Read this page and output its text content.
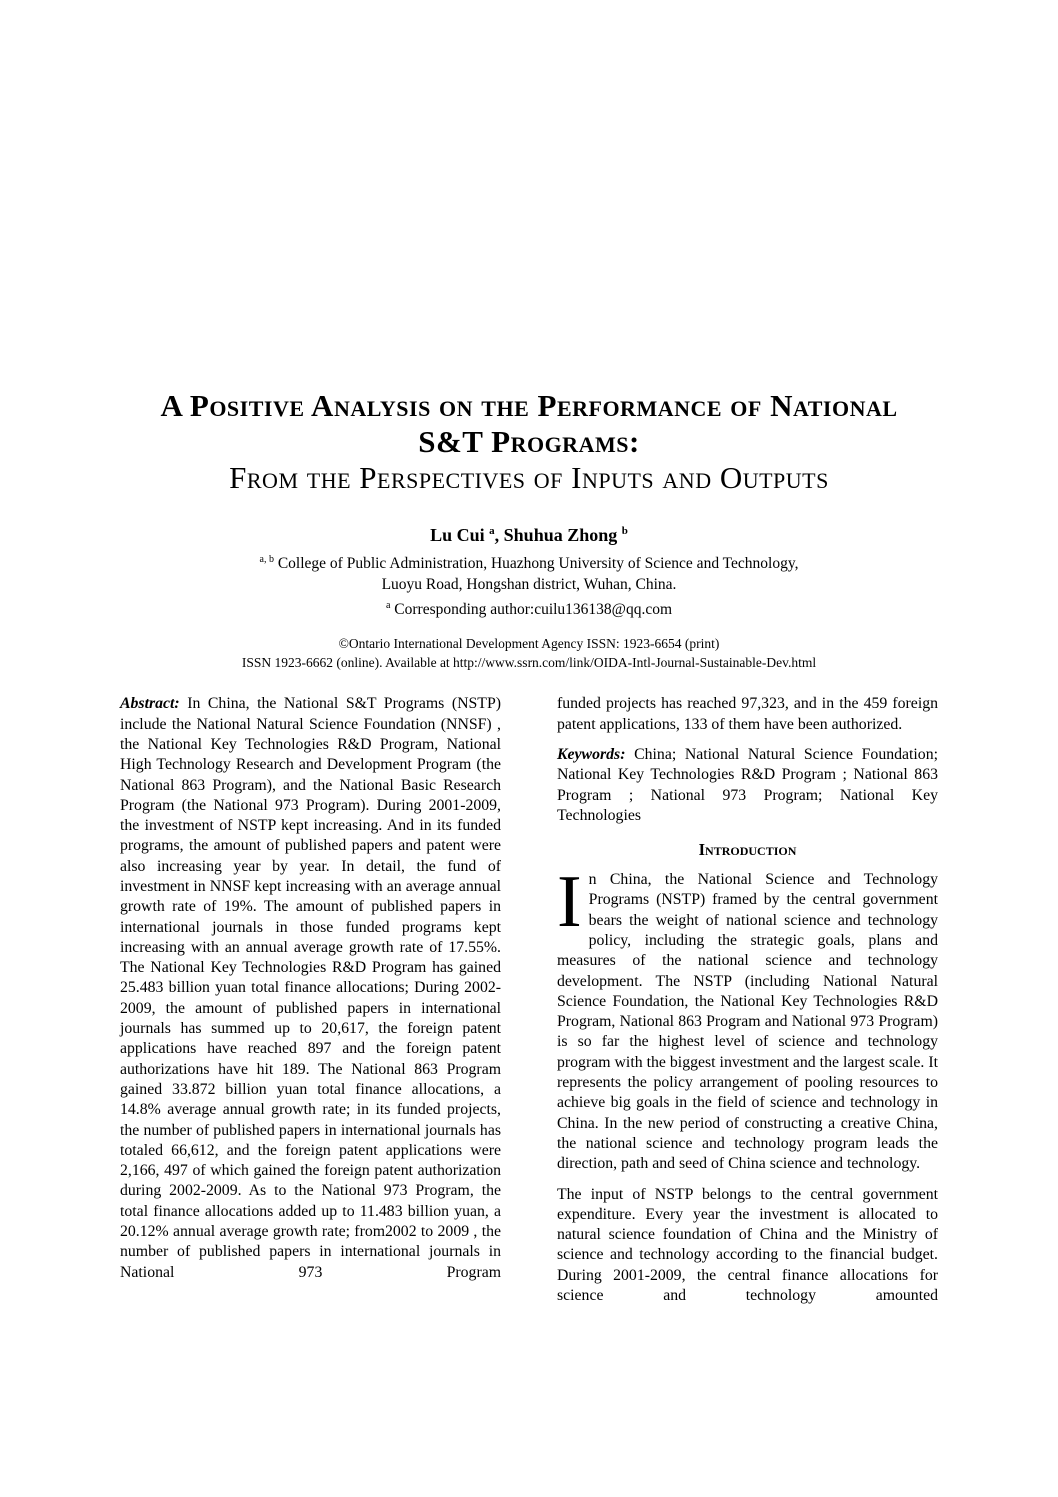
A Positive Analysis on the Performance of National
S&T Programs:
From the Perspectives of Inputs and Outputs
Lu Cui $^a$, Shuhua Zhong $^b$
$^{a, b}$ College of Public Administration, Huazhong University of Science and Technology,
Luoyu Road, Hongshan district, Wuhan, China.
$^a$ Corresponding author:cuilu136138@qq.com
©Ontario International Development Agency ISSN: 1923-6654 (print)
ISSN 1923-6662 (online). Available at http://www.ssrn.com/link/OIDA-Intl-Journal-Sustainable-Dev.html

Abstract: In China, the National S&T Programs (NSTP) include the National Natural Science Foundation (NNSF) , the National Key Technologies R&D Program, National High Technology Research and Development Program (the National 863 Program), and the National Basic Research Program (the National 973 Program). During 2001-2009, the investment of NSTP kept increasing. And in its funded programs, the amount of published papers and patent were also increasing year by year. In detail, the fund of investment in NNSF kept increasing with an average annual growth rate of 19%. The amount of published papers in international journals in those funded programs kept increasing with an annual average growth rate of 17.55%. The National Key Technologies R&D Program has gained 25.483 billion yuan total finance allocations; During 2002-2009, the amount of published papers in international journals has summed up to 20,617, the foreign patent applications have reached 897 and the foreign patent authorizations have hit 189. The National 863 Program gained 33.872 billion yuan total finance allocations, a 14.8% average annual growth rate; in its funded projects, the number of published papers in international journals has totaled 66,612, and the foreign patent applications were 2,166, 497 of which gained the foreign patent authorization during 2002-2009. As to the National 973 Program, the total finance allocations added up to 11.483 billion yuan, a 20.12% annual average growth rate; from2002 to 2009 , the number of published papers in international journals in National 973 Program

funded projects has reached 97,323, and in the 459 foreign patent applications, 133 of them have been authorized.

Keywords: China; National Natural Science Foundation; National Key Technologies R&D Program ; National 863 Program ; National 973 Program; National Key Technologies

Introduction

In China, the National Science and Technology Programs (NSTP) framed by the central government bears the weight of national science and technology policy, including the strategic goals, plans and measures of the national science and technology development. The NSTP (including National Natural Science Foundation, the National Key Technologies R&D Program, National 863 Program and National 973 Program) is so far the highest level of science and technology program with the biggest investment and the largest scale. It represents the policy arrangement of pooling resources to achieve big goals in the field of science and technology in China. In the new period of constructing a creative China, the national science and technology program leads the direction, path and seed of China science and technology.

The input of NSTP belongs to the central government expenditure. Every year the investment is allocated to natural science foundation of China and the Ministry of science and technology according to the financial budget. During 2001-2009, the central finance allocations for science and technology amounted
